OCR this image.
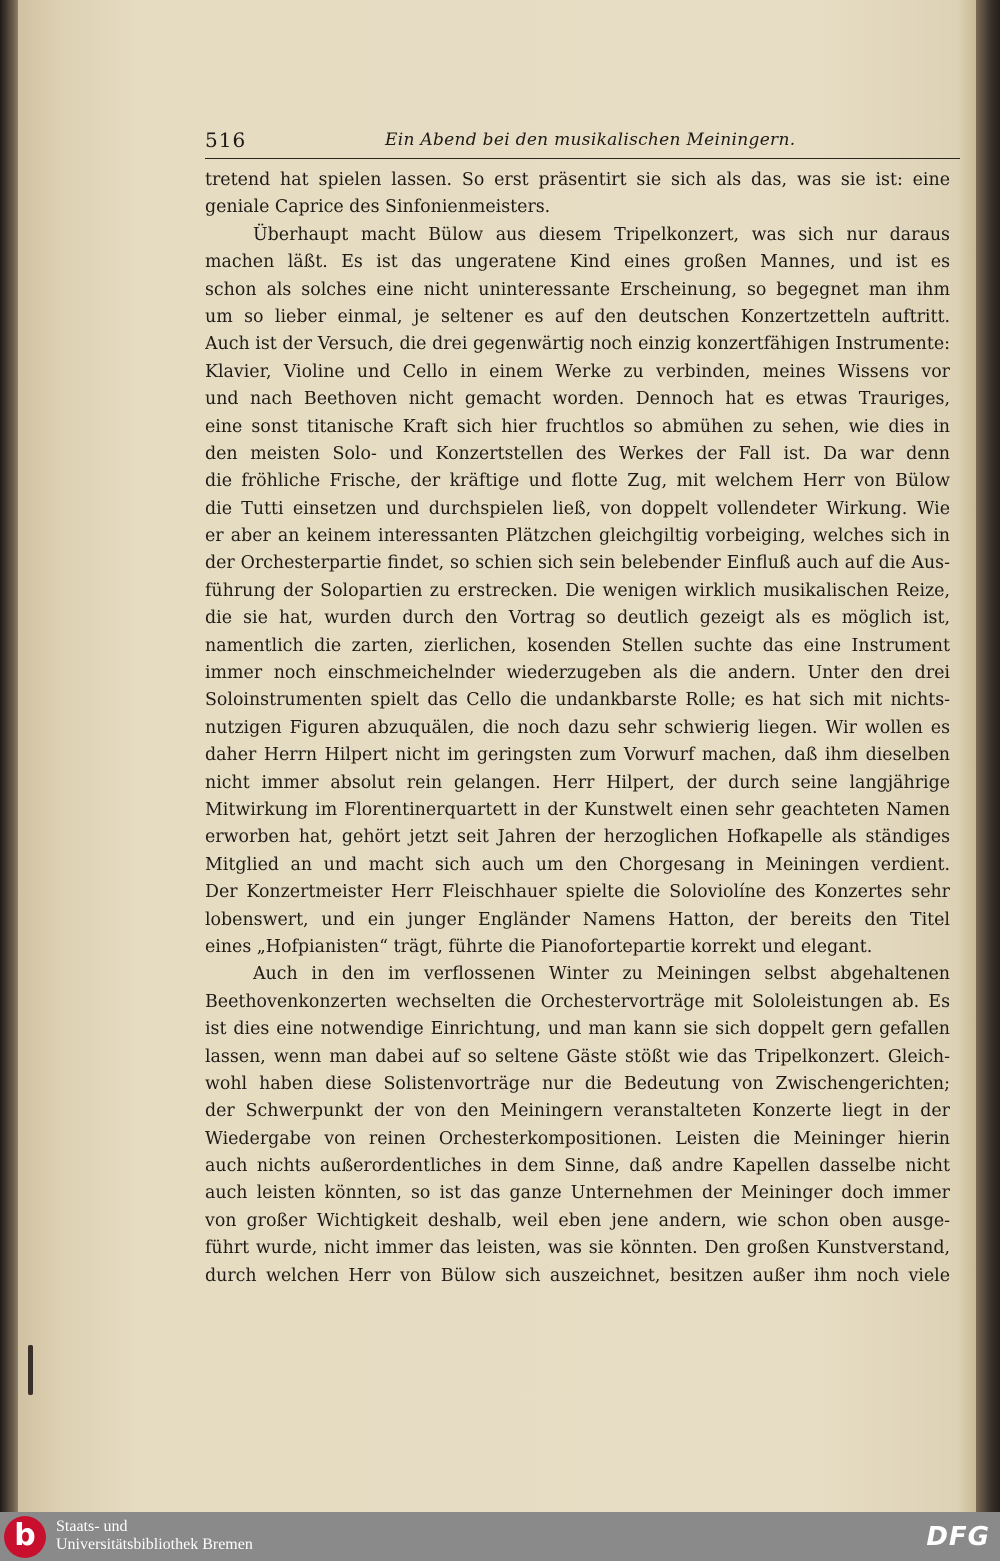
516	Ein Abend bei den musikalischen Meiningern.
tretend hat spielen lassen. So erst präsentirt sie sich als das, was sie ist: eine
geniale Caprice des Sinfonienmeisters.
Überhaupt macht Bülow aus diesem Tripelkonzert, was sich nur daraus
machen läßt. Es ist das ungeratene Kind eines großen Mannes, und ist es
schon als solches eine nicht uninteressante Erscheinung, so begegnet man ihm
um so lieber einmal, je seltener es auf den deutschen Konzertzetteln auftritt.
Auch ist der Versuch, die drei gegenwärtig noch einzig konzertfähigen Instrumente:
Klavier, Violine und Cello in einem Werke zu verbinden, meines Wissens vor
und nach Beethoven nicht gemacht worden. Dennoch hat es etwas Trauriges,
eine sonst titanische Kraft sich hier fruchtlos so abmühen zu sehen, wie dies in
den meisten Solo- und Konzertstellen des Werkes der Fall ist. Da war denn
die fröhliche Frische, der kräftige und flotte Zug, mit welchem Herr von Bülow
die Tutti einsetzen und durchspielen ließ, von doppelt vollendeter Wirkung. Wie
er aber an keinem interessanten Plätzchen gleichgiltig vorbeiging, welches sich in
der Orchesterpartie findet, so schien sich sein belebender Einfluß auch auf die Aus-
führung der Solopartien zu erstrecken. Die wenigen wirklich musikalischen Reize,
die sie hat, wurden durch den Vortrag so deutlich gezeigt als es möglich ist,
namentlich die zarten, zierlichen, kosenden Stellen suchte das eine Instrument
immer noch einschmeichelnder wiederzugeben als die andern. Unter den drei
Soloinstrumenten spielt das Cello die undankbarste Rolle; es hat sich mit nichts-
nutzigen Figuren abzuquälen, die noch dazu sehr schwierig liegen. Wir wollen es
daher Herrn Hilpert nicht im geringsten zum Vorwurf machen, daß ihm dieselben
nicht immer absolut rein gelangen. Herr Hilpert, der durch seine langjährige
Mitwirkung im Florentinerquartett in der Kunstwelt einen sehr geachteten Namen
erworben hat, gehört jetzt seit Jahren der herzoglichen Hofkapelle als ständiges
Mitglied an und macht sich auch um den Chorgesang in Meiningen verdient.
Der Konzertmeister Herr Fleischhauer spielte die Soloviolíne des Konzertes sehr
lobenswert, und ein junger Engländer Namens Hatton, der bereits den Titel
eines „Hofpianisten“ trägt, führte die Pianofortepartie korrekt und elegant.
Auch in den im verflossenen Winter zu Meiningen selbst abgehaltenen
Beethovenkonzerten wechselten die Orchestervorträge mit Sololeistungen ab. Es
ist dies eine notwendige Einrichtung, und man kann sie sich doppelt gern gefallen
lassen, wenn man dabei auf so seltene Gäste stößt wie das Tripelkonzert. Gleich-
wohl haben diese Solistenvorträge nur die Bedeutung von Zwischengerichten;
der Schwerpunkt der von den Meiningern veranstalteten Konzerte liegt in der
Wiedergabe von reinen Orchesterkompositionen. Leisten die Meininger hierin
auch nichts außerordentliches in dem Sinne, daß andre Kapellen dasselbe nicht
auch leisten könnten, so ist das ganze Unternehmen der Meininger doch immer
von großer Wichtigkeit deshalb, weil eben jene andern, wie schon oben ausge-
führt wurde, nicht immer das leisten, was sie könnten. Den großen Kunstverstand,
durch welchen Herr von Bülow sich auszeichnet, besitzen außer ihm noch viele
b	Staats- und
Universitätsbibliothek Bremen	DFG
